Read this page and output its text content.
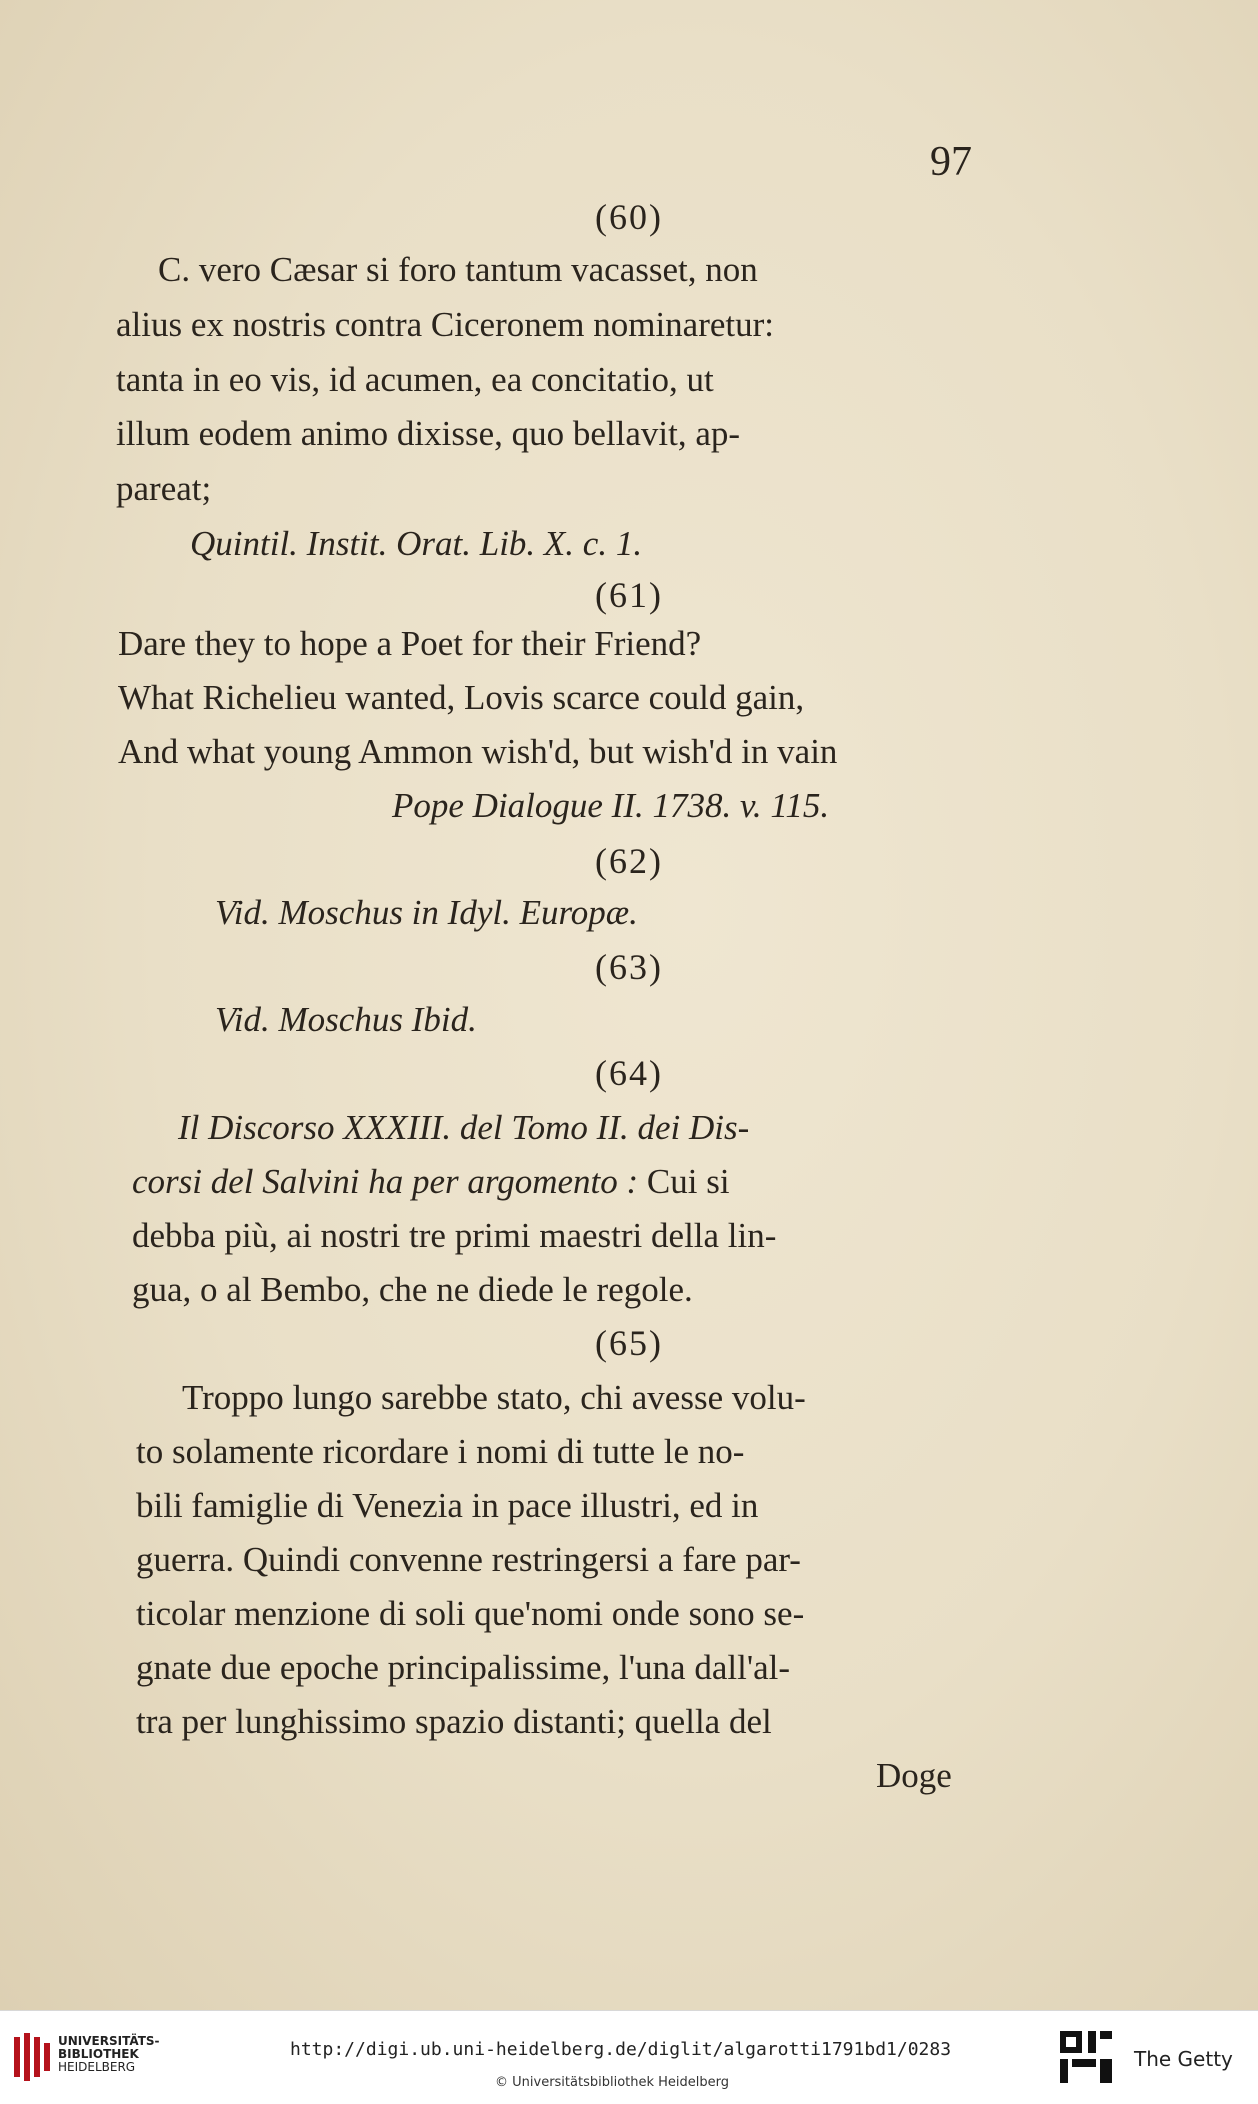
97
(60)
C. vero Cæsar si foro tantum vacasset, non
alius ex nostris contra Ciceronem nominaretur:
tanta in eo vis, id acumen, ea concitatio, ut
illum eodem animo dixisse, quo bellavit, ap-
pareat;
Quintil. Instit. Orat. Lib. X. c. 1.
(61)
Dare they to hope a Poet for their Friend?
What Richelieu wanted, Lovis scarce could gain,
And what young Ammon wish'd, but wish'd in vain
Pope Dialogue II. 1738. v. 115.
(62)
Vid. Moschus in Idyl. Europæ.
(63)
Vid. Moschus Ibid.
(64)
Il Discorso XXXIII. del Tomo II. dei Dis-
corsi del Salvini ha per argomento : Cui si
debba più, ai nostri tre primi maestri della lin-
gua, o al Bembo, che ne diede le regole.
(65)
Troppo lungo sarebbe stato, chi avesse volu-
to solamente ricordare i nomi di tutte le no-
bili famiglie di Venezia in pace illustri, ed in
guerra. Quindi convenne restringersi a fare par-
ticolar menzione di soli que'nomi onde sono se-
gnate due epoche principalissime, l'una dall'al-
tra per lunghissimo spazio distanti; quella del
Doge
UNIVERSITÄTS-
BIBLIOTHEK
HEIDELBERG
http://digi.ub.uni-heidelberg.de/diglit/algarotti1791bd1/0283
© Universitätsbibliothek Heidelberg
The Getty
